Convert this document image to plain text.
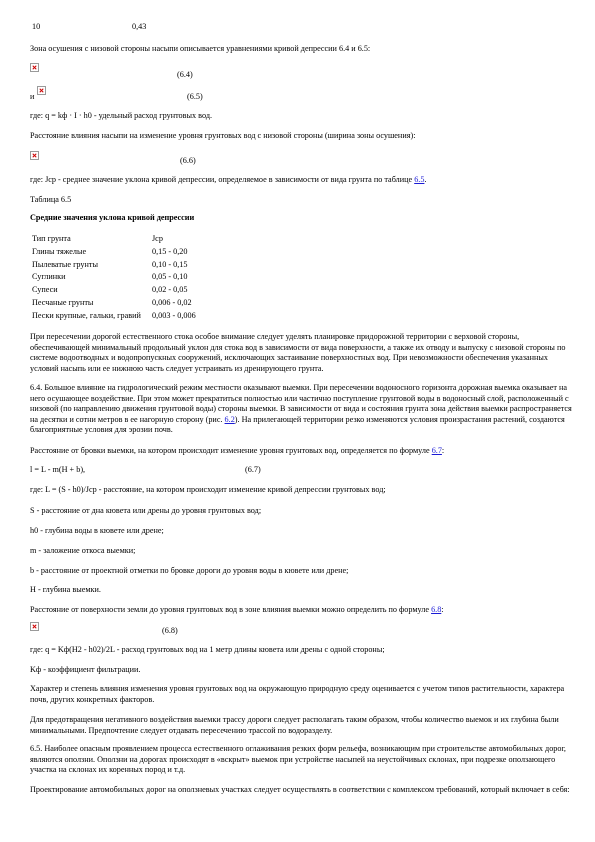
10	0,43
Зона осушения с низовой стороны насыпи описывается уравнениями кривой депрессии 6.4 и 6.5:
(6.4)
и	(6.5)
где: q = kф · I · h0 - удельный расход грунтовых вод.
Расстояние влияния насыпи на изменение уровня грунтовых вод с низовой стороны (ширина зоны осушения):
(6.6)
где: Jср - среднее значение уклона кривой депрессии, определяемое в зависимости от вида грунта по таблице 6.5.
Таблица 6.5
Средние значения уклона кривой депрессии
Тип грунта	Jср
Глины тяжелые	0,15 - 0,20
Пылеватые грунты	0,10 - 0,15
Суглинки	0,05 - 0,10
Супеси	0,02 - 0,05
Песчаные грунты	0,006 - 0,02
Пески крупные, гальки, гравий 0,003 - 0,006
При пересечении дорогой естественного стока особое внимание следует уделять планировке придорожной территории с верховой стороны, обеспечивающей минимальный продольный уклон для стока вод в зависимости от вида поверхности, а также их отводу и выпуску с низовой стороны по системе водоотводных и водопропускных сооружений, исключающих застаивание поверхностных вод. При невозможности обеспечения указанных условий насыпь или ее нижнюю часть следует устраивать из дренирующего грунта.
6.4. Большое влияние на гидрологический режим местности оказывают выемки. При пересечении водоносного горизонта дорожная выемка оказывает на него осушающее воздействие. При этом может прекратиться полностью или частично поступление грунтовой воды в водоносный слой, расположенный с низовой (по направлению движения грунтовой воды) стороны выемки. В зависимости от вида и состояния грунта зона действия выемки распространяется на десятки и сотни метров в ее нагорную сторону (рис. 6.2). На прилегающей территории резко изменяются условия произрастания растений, создаются благоприятные условия для эрозии почв.
Расстояние от бровки выемки, на котором происходит изменение уровня грунтовых вод, определяется по формуле 6.7:
l = L - m(H + b),	(6.7)
где: L = (S - h0)/Jср - расстояние, на котором происходит изменение кривой депрессии грунтовых вод;
S - расстояние от дна кювета или дрены до уровня грунтовых вод;
h0 - глубина воды в кювете или дрене;
m - заложение откоса выемки;
b - расстояние от проектной отметки по бровке дороги до уровня воды в кювете или дрене;
H - глубина выемки.
Расстояние от поверхности земли до уровня грунтовых вод в зоне влияния выемки можно определить по формуле 6.8:
(6.8)
где: q = Kф(H2 - h02)/2L - расход грунтовых вод на 1 метр длины кювета или дрены с одной стороны;
Kф - коэффициент фильтрации.
Характер и степень влияния изменения уровня грунтовых вод на окружающую природную среду оценивается с учетом типов растительности, характера почв, других конкретных факторов.
Для предотвращения негативного воздействия выемки трассу дороги следует располагать таким образом, чтобы количество выемок и их глубина были минимальными. Предпочтение следует отдавать пересечению трассой по водоразделу.
6.5. Наиболее опасным проявлением процесса естественного оглаживания резких форм рельефа, возникающим при строительстве автомобильных дорог, являются оползни. Оползни на дорогах происходят в «вскрыт» выемок при устройстве насыпей на неустойчивых склонах, при подрезке оползающего участка на склонах их коренных пород и т.д.
Проектирование автомобильных дорог на оползневых участках следует осуществлять в соответствии с комплексом требований, который включает в себя:
